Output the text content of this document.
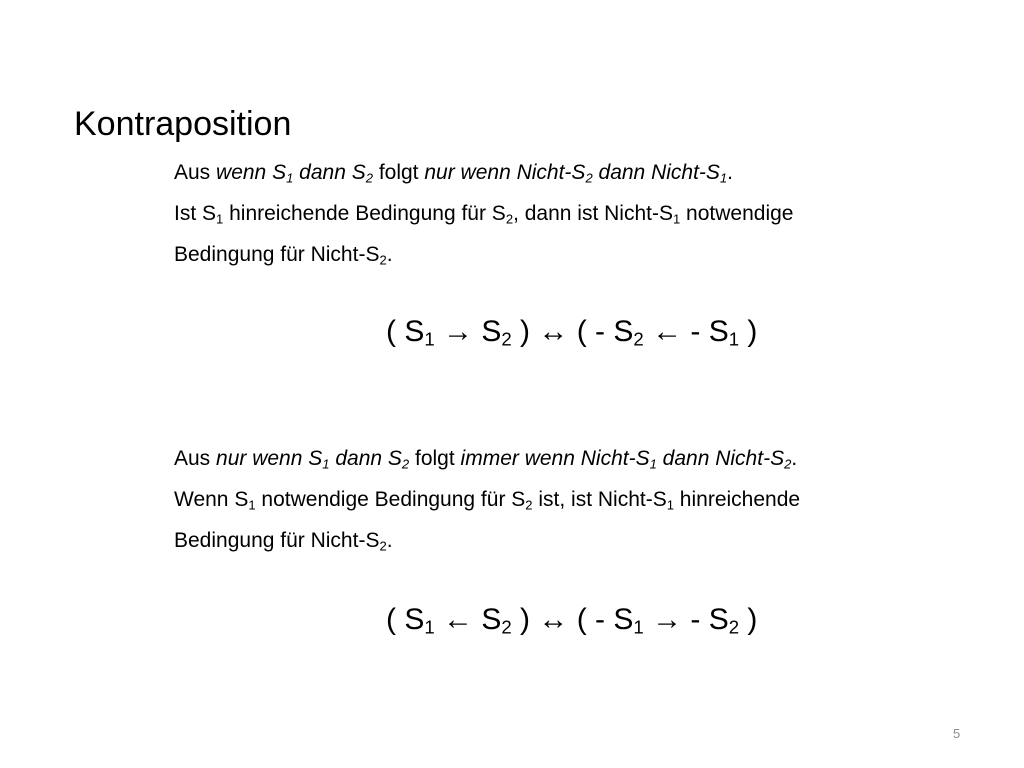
Kontraposition
Aus wenn $S_1$ dann $S_2$ folgt nur wenn Nicht-$S_2$ dann Nicht-$S_1$.
Ist $S_1$ hinreichende Bedingung für $S_2$, dann ist Nicht-$S_1$ notwendige
Bedingung für Nicht-$S_2$.
( $S_1 \to S_2$ ) ↔ ( - $S_2$ ← - $S_1$ )
Aus nur wenn $S_1$ dann $S_2$ folgt immer wenn Nicht-$S_1$ dann Nicht-$S_2$.
Wenn $S_1$ notwendige Bedingung für $S_2$ ist, ist Nicht-$S_1$ hinreichende
Bedingung für Nicht-$S_2$.
( $S_1$ ← $S_2$ ) ↔ ( - $S_1$ → - $S_2$ )
5
